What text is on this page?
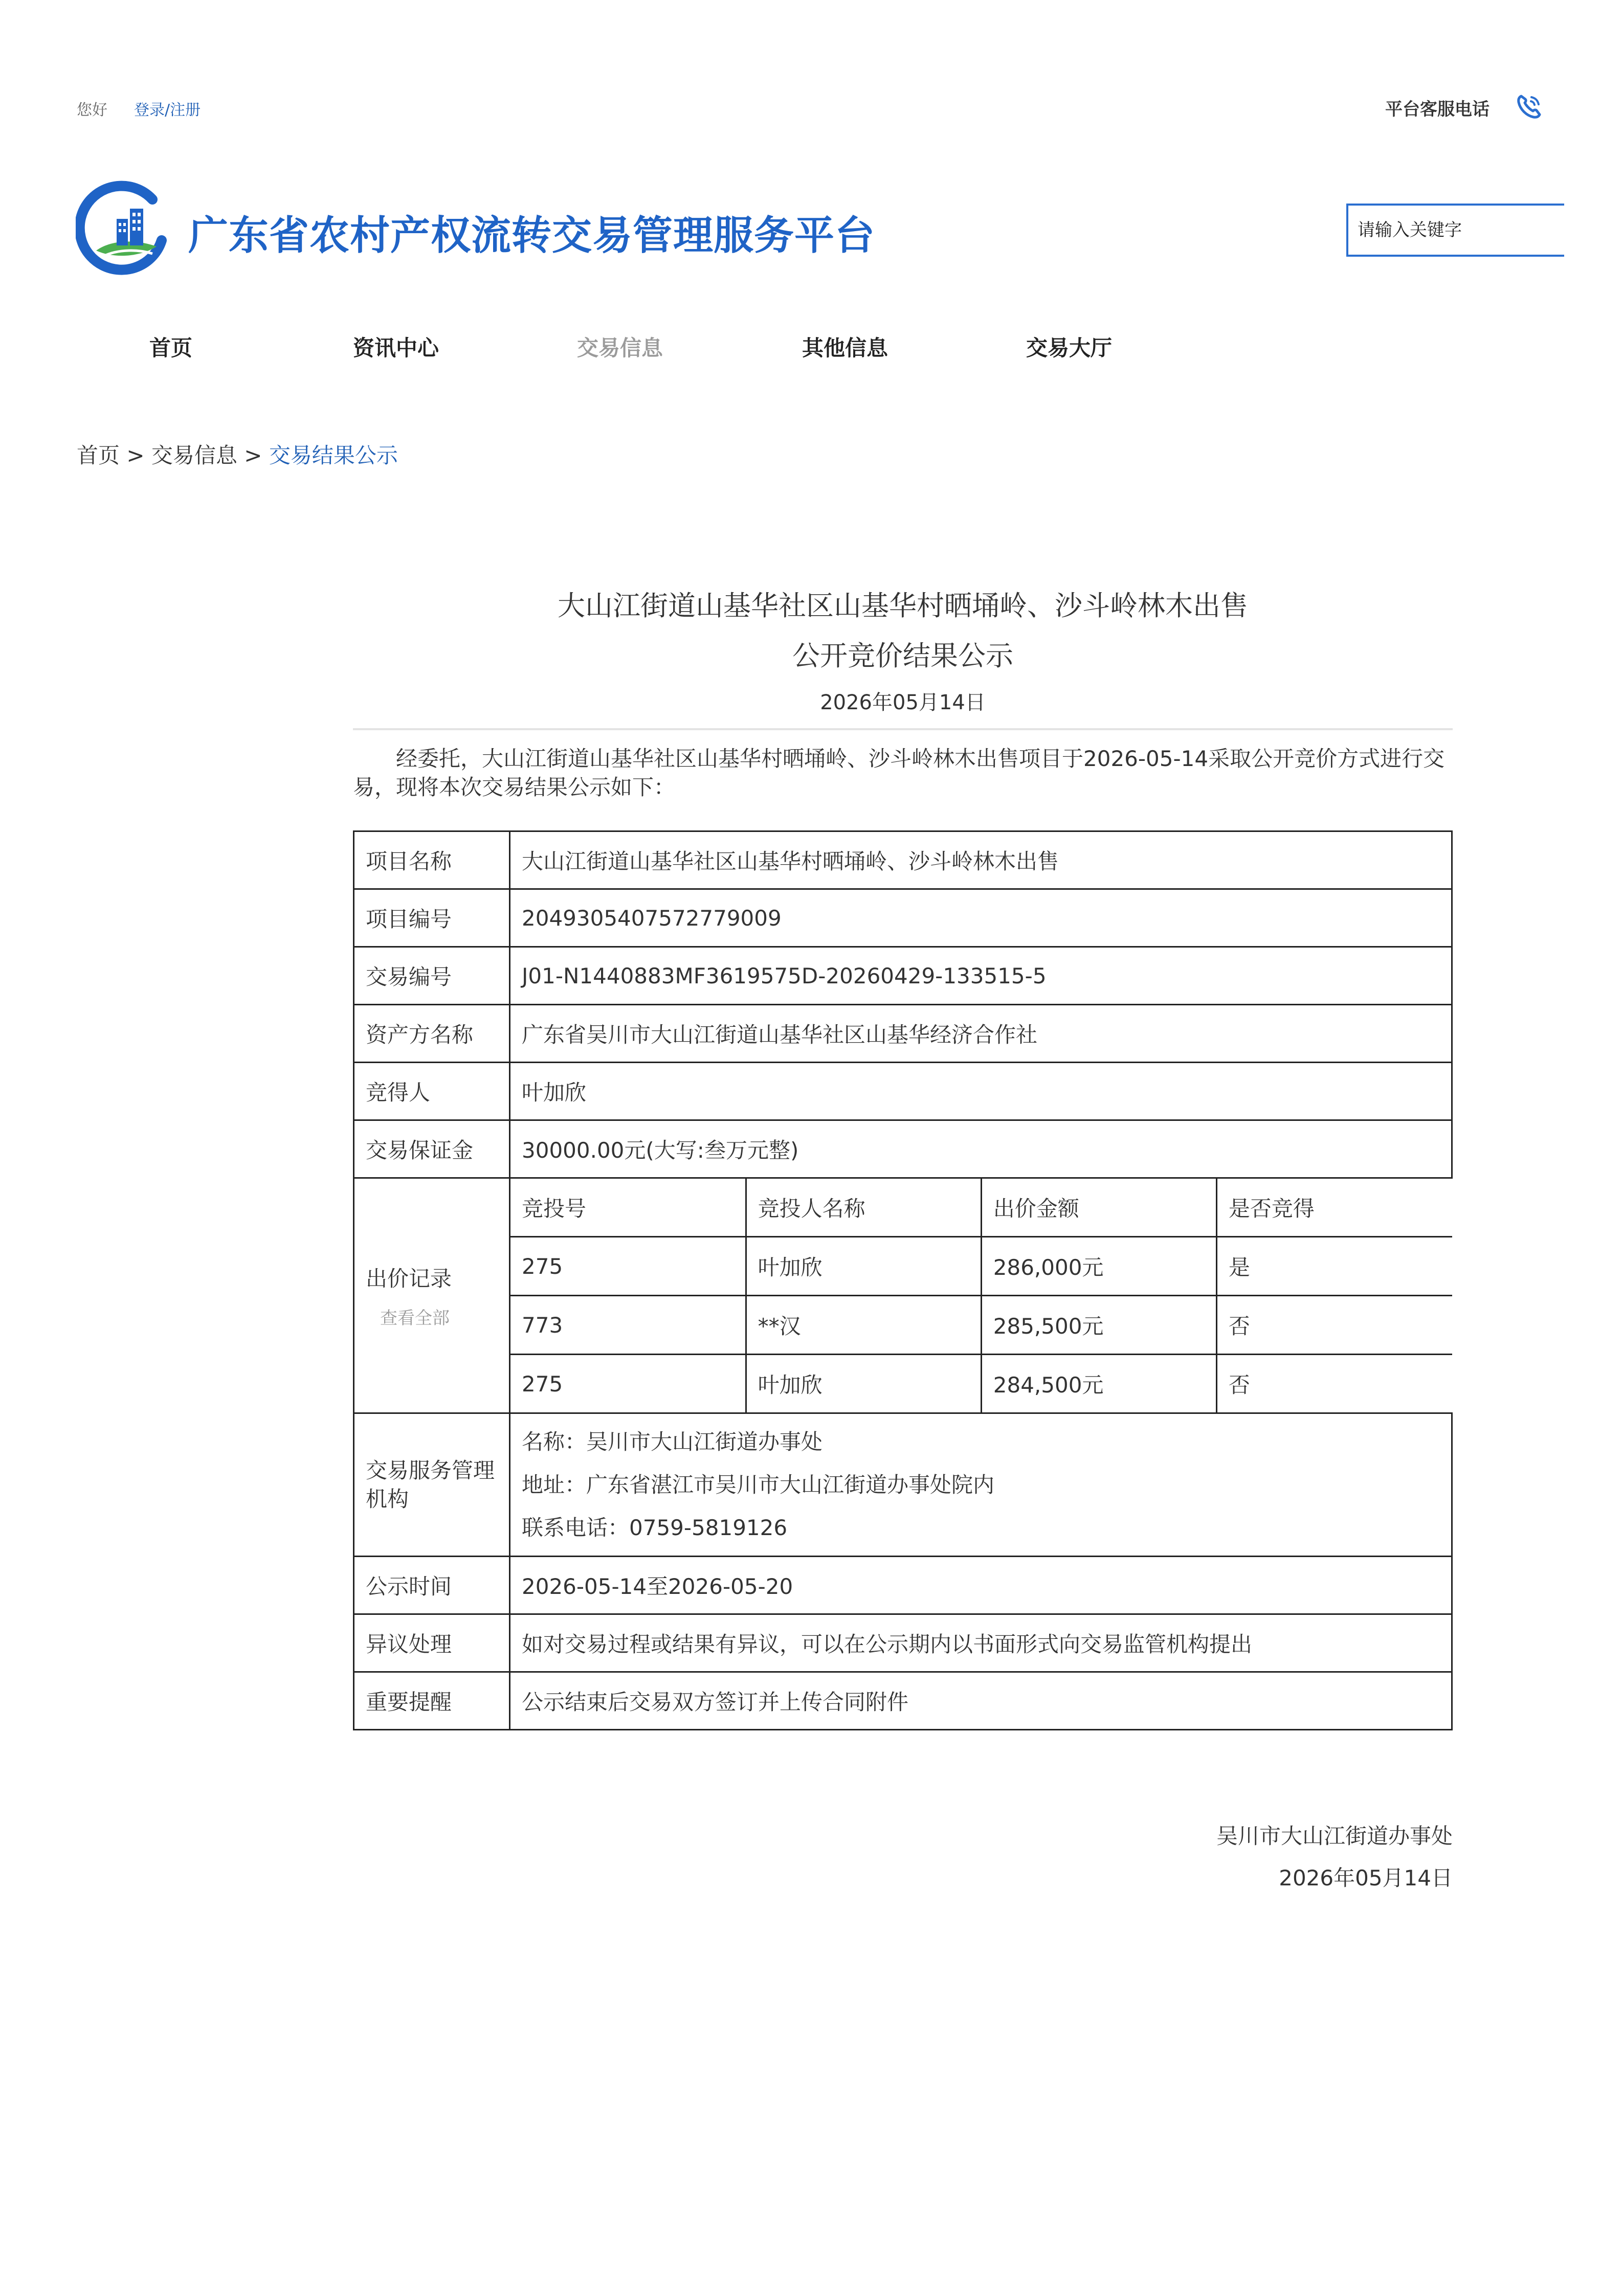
您好 登录/注册	平台客服电话
广东省农村产权流转交易管理服务平台
请输入关键字
首页	资讯中心	交易信息	其他信息	交易大厅
首页 > 交易信息 > 交易结果公示
大山江街道山基华社区山基华村晒埇岭、沙斗岭林木出售
公开竞价结果公示
2026年05月14日
经委托，大山江街道山基华社区山基华村晒埇岭、沙斗岭林木出售项目于2026-05-14采取公开竞价方式进行交易，现将本次交易结果公示如下：
项目名称	大山江街道山基华社区山基华村晒埇岭、沙斗岭林木出售
项目编号	2049305407572779009
交易编号	J01-N1440883MF3619575D-20260429-133515-5
资产方名称	广东省吴川市大山江街道山基华社区山基华经济合作社
竞得人	叶加欣
交易保证金	30000.00元(大写:叁万元整)
出价记录
查看全部

竞投号	竞投人名称	出价金额	是否竞得
275	叶加欣	286,000元	是
773	**汉	285,500元	否
275	叶加欣	284,500元	否

交易服务管理机构	
名称：吴川市大山江街道办事处
地址：广东省湛江市吴川市大山江街道办事处院内
联系电话：0759-5819126

公示时间	2026-05-14至2026-05-20
异议处理	如对交易过程或结果有异议，可以在公示期内以书面形式向交易监管机构提出
重要提醒	公示结束后交易双方签订并上传合同附件
吴川市大山江街道办事处
2026年05月14日
